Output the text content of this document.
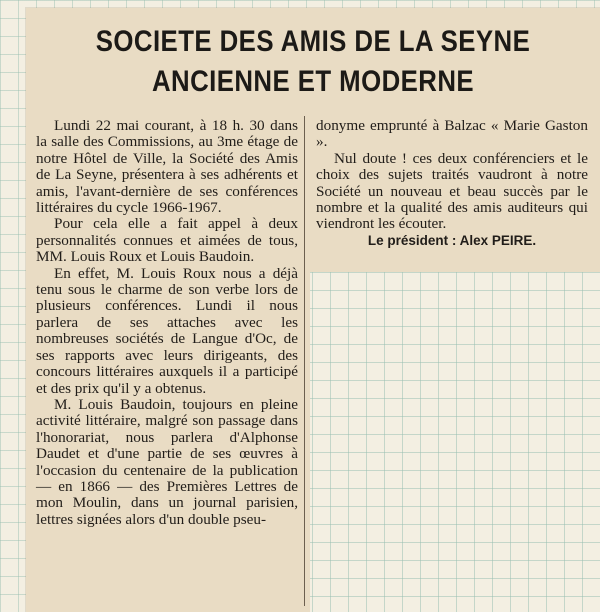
SOCIETE DES AMIS DE LA SEYNE
ANCIENNE ET MODERNE

Lundi 22 mai courant, à 18 h. 30 dans la salle des Commissions, au 3me étage de notre Hôtel de Ville, la Société des Amis de La Seyne, présentera à ses adhérents et amis, l'avant-dernière de ses conférences littéraires du cycle 1966-1967.

Pour cela elle a fait appel à deux personnalités connues et aimées de tous, MM. Louis Roux et Louis Baudoin.

En effet, M. Louis Roux nous a déjà tenu sous le charme de son verbe lors de plusieurs conférences. Lundi il nous parlera de ses attaches avec les nombreuses sociétés de Langue d'Oc, de ses rapports avec leurs dirigeants, des concours littéraires auxquels il a participé et des prix qu'il y a obtenus.

M. Louis Baudoin, toujours en pleine activité littéraire, malgré son passage dans l'honorariat, nous parlera d'Alphonse Daudet et d'une partie de ses œuvres à l'occasion du centenaire de la publication — en 1866 — des Premières Lettres de mon Moulin, dans un journal parisien, lettres signées alors d'un double pseu-

donyme emprunté à Balzac « Marie Gaston ».

Nul doute ! ces deux conférenciers et le choix des sujets traités vaudront à notre Société un nouveau et beau succès par le nombre et la qualité des amis auditeurs qui viendront les écouter.

Le président : Alex PEIRE.
